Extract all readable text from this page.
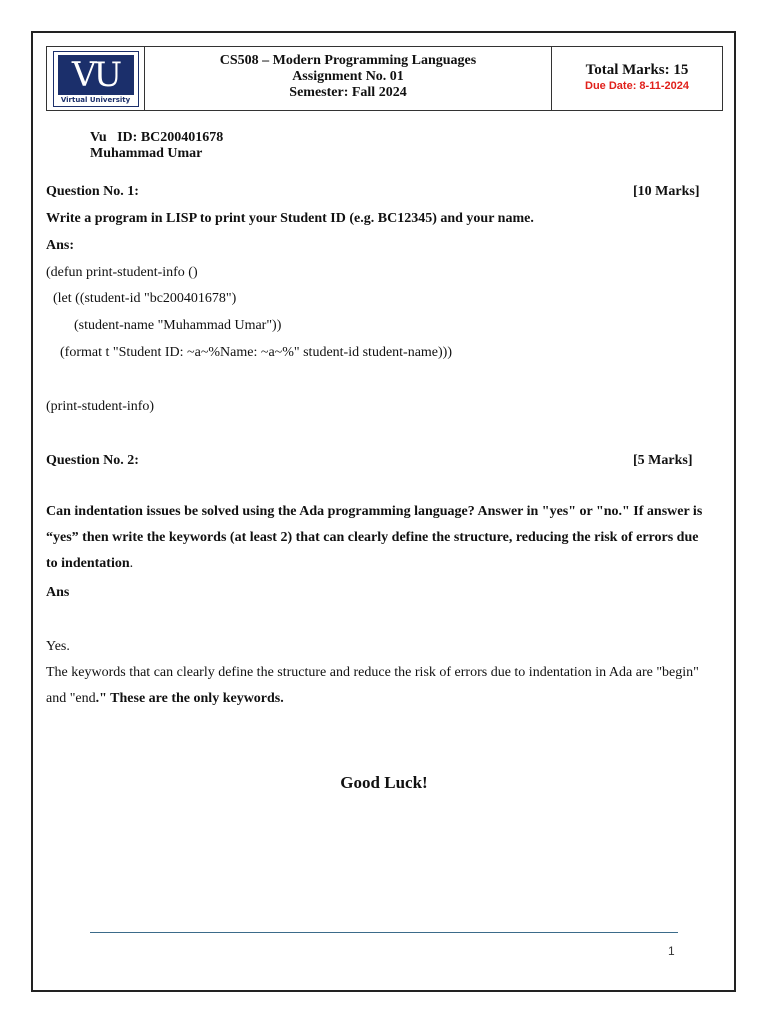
VU
Virtual University
CS508 – Modern Programming Languages
Assignment No. 01
Semester: Fall 2024
Total Marks: 15
Due Date: 8-11-2024
Vu   ID: BC200401678
Muhammad Umar
Question No. 1:	[10 Marks]
Write a program in LISP to print your Student ID (e.g. BC12345) and your name.
Ans:
(defun print-student-info ()
(let ((student-id "bc200401678")
(student-name "Muhammad Umar"))
(format t "Student ID: ~a~%Name: ~a~%" student-id student-name)))
(print-student-info)
Question No. 2:	[5 Marks]
Can indentation issues be solved using the Ada programming language? Answer in "yes" or "no." If answer is “yes” then write the keywords (at least 2) that can clearly define the structure, reducing the risk of errors due to indentation.
Ans
Yes.
The keywords that can clearly define the structure and reduce the risk of errors due to indentation in Ada are "begin" and "end." These are the only keywords.
Good Luck!
1
